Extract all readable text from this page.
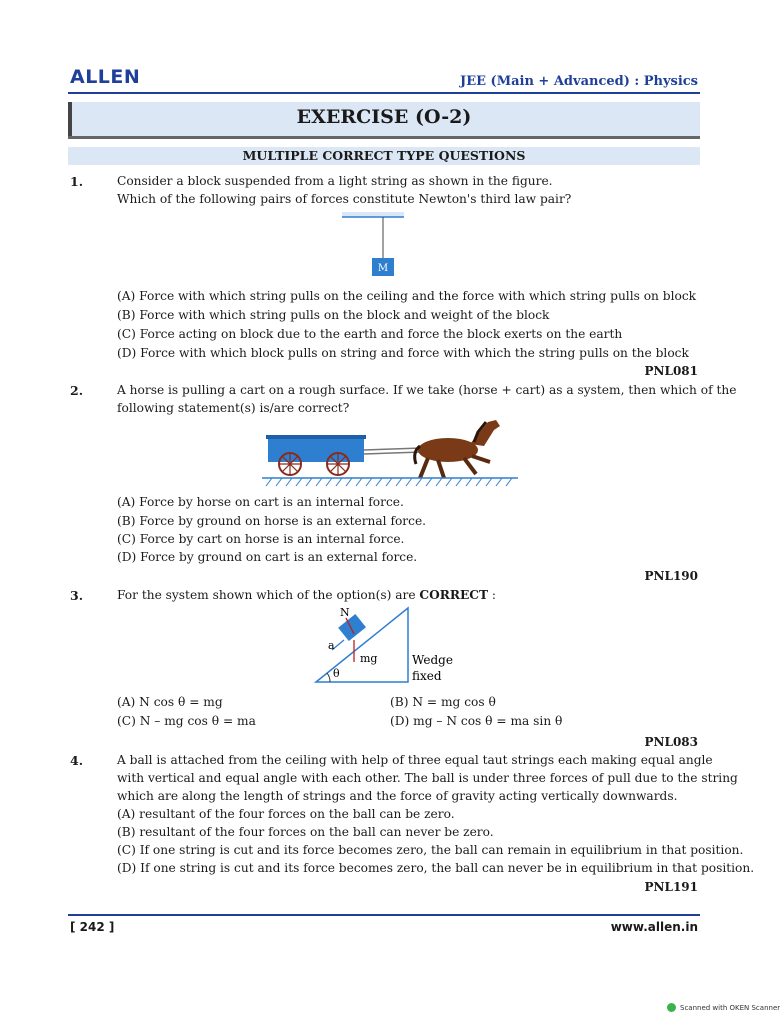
ALLEN	JEE (Main + Advanced) : Physics
EXERCISE (O-2)
MULTIPLE CORRECT TYPE QUESTIONS
1.	Consider a block suspended from a light string as shown in the figure.
Which of the following pairs of forces constitute Newton's third law pair?
M
(A) Force with which string pulls on the ceiling and the force with which string pulls on block
(B) Force with which string pulls on the block and weight of the block
(C) Force acting on block due to the earth and force the block exerts on the earth
(D) Force with which block pulls on string and force with which the string pulls on the block
PNL081
2.	A horse is pulling a cart on a rough surface. If we take (horse + cart) as a system, then which of the
following statement(s) is/are correct?
(A) Force by horse on cart is an internal force.
(B) Force by ground on horse is an external force.
(C) Force by cart on horse is an internal force.
(D) Force by ground on cart is an external force.
PNL190
3.	For the system shown which of the option(s) are CORRECT :
N
a
mg
θ
Wedge
fixed
(A) N cos θ = mg	(B) N = mg cos θ
(C) N – mg cos θ = ma	(D) mg – N cos θ = ma sin θ
PNL083
4.	A ball is attached from the ceiling with help of three equal taut strings each making equal angle
with vertical and equal angle with each other. The ball is under three forces of pull due to the string
which are along the length of strings and the force of gravity acting vertically downwards.
(A) resultant of the four forces on the ball can be zero.
(B) resultant of the four forces on the ball can never be zero.
(C) If one string is cut and its force becomes zero, the ball can remain in equilibrium in that position.
(D) If one string is cut and its force becomes zero, the ball can never be in equilibrium in that position.
PNL191
[ 242 ]	www.allen.in
Scanned with OKEN Scanner
